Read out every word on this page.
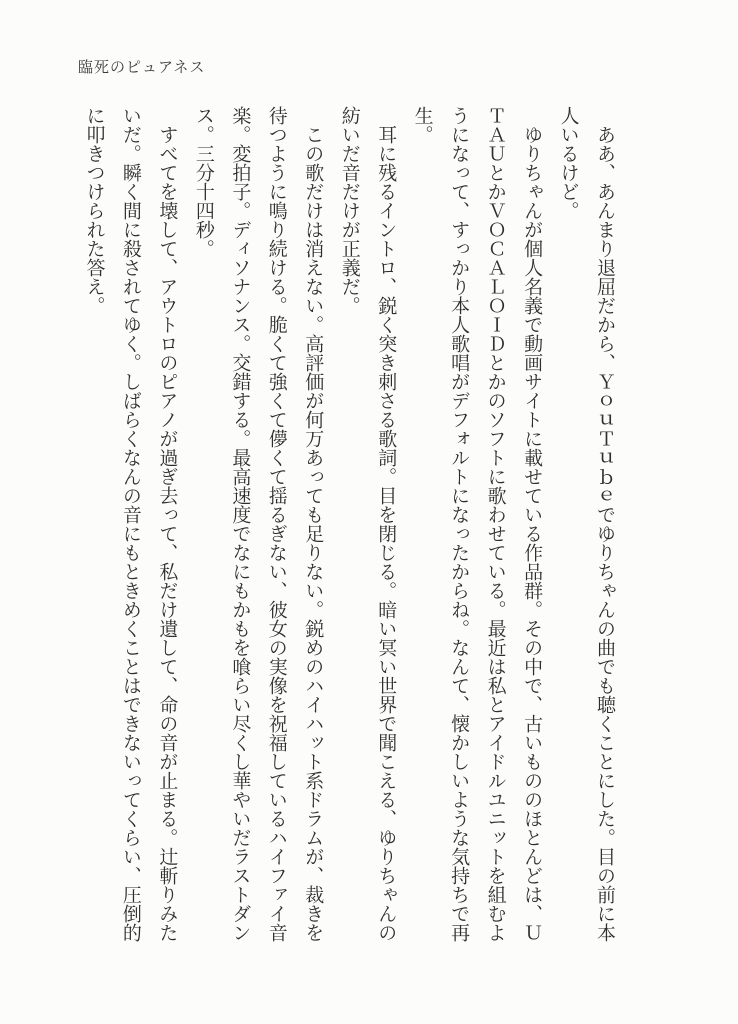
臨死のピュアネス

ああ、あんまり退屈だから、ＹｏｕＴｕｂｅでゆりちゃんの曲でも聴くことにした。目の前に本人いるけど。

ゆりちゃんが個人名義で動画サイトに載せている作品群。その中で、古いもののほとんどは、ＵＴＡＵとかＶＯＣＡＬＯＩＤとかのソフトに歌わせている。最近は私とアイドルユニットを組むようになって、すっかり本人歌唱がデフォルトになったからね。なんて、懐かしいような気持ちで再生。

耳に残るイントロ、鋭く突き刺さる歌詞。目を閉じる。暗い冥い世界で聞こえる、ゆりちゃんの紡いだ音だけが正義だ。

この歌だけは消えない。高評価が何万あっても足りない。鋭めのハイハット系ドラムが、裁きを待つように鳴り続ける。脆くて強くて儚くて揺るぎない、彼女の実像を祝福しているハイファイ音楽。変拍子。ディソナンス。交錯する。最高速度でなにもかもを喰らい尽くし華やいだラストダンス。三分十四秒。

すべてを壊して、アウトロのピアノが過ぎ去って、私だけ遺して、命の音が止まる。辻斬りみたいだ。瞬く間に殺されてゆく。しばらくなんの音にもときめくことはできないってくらい、圧倒的に叩きつけられた答え。
